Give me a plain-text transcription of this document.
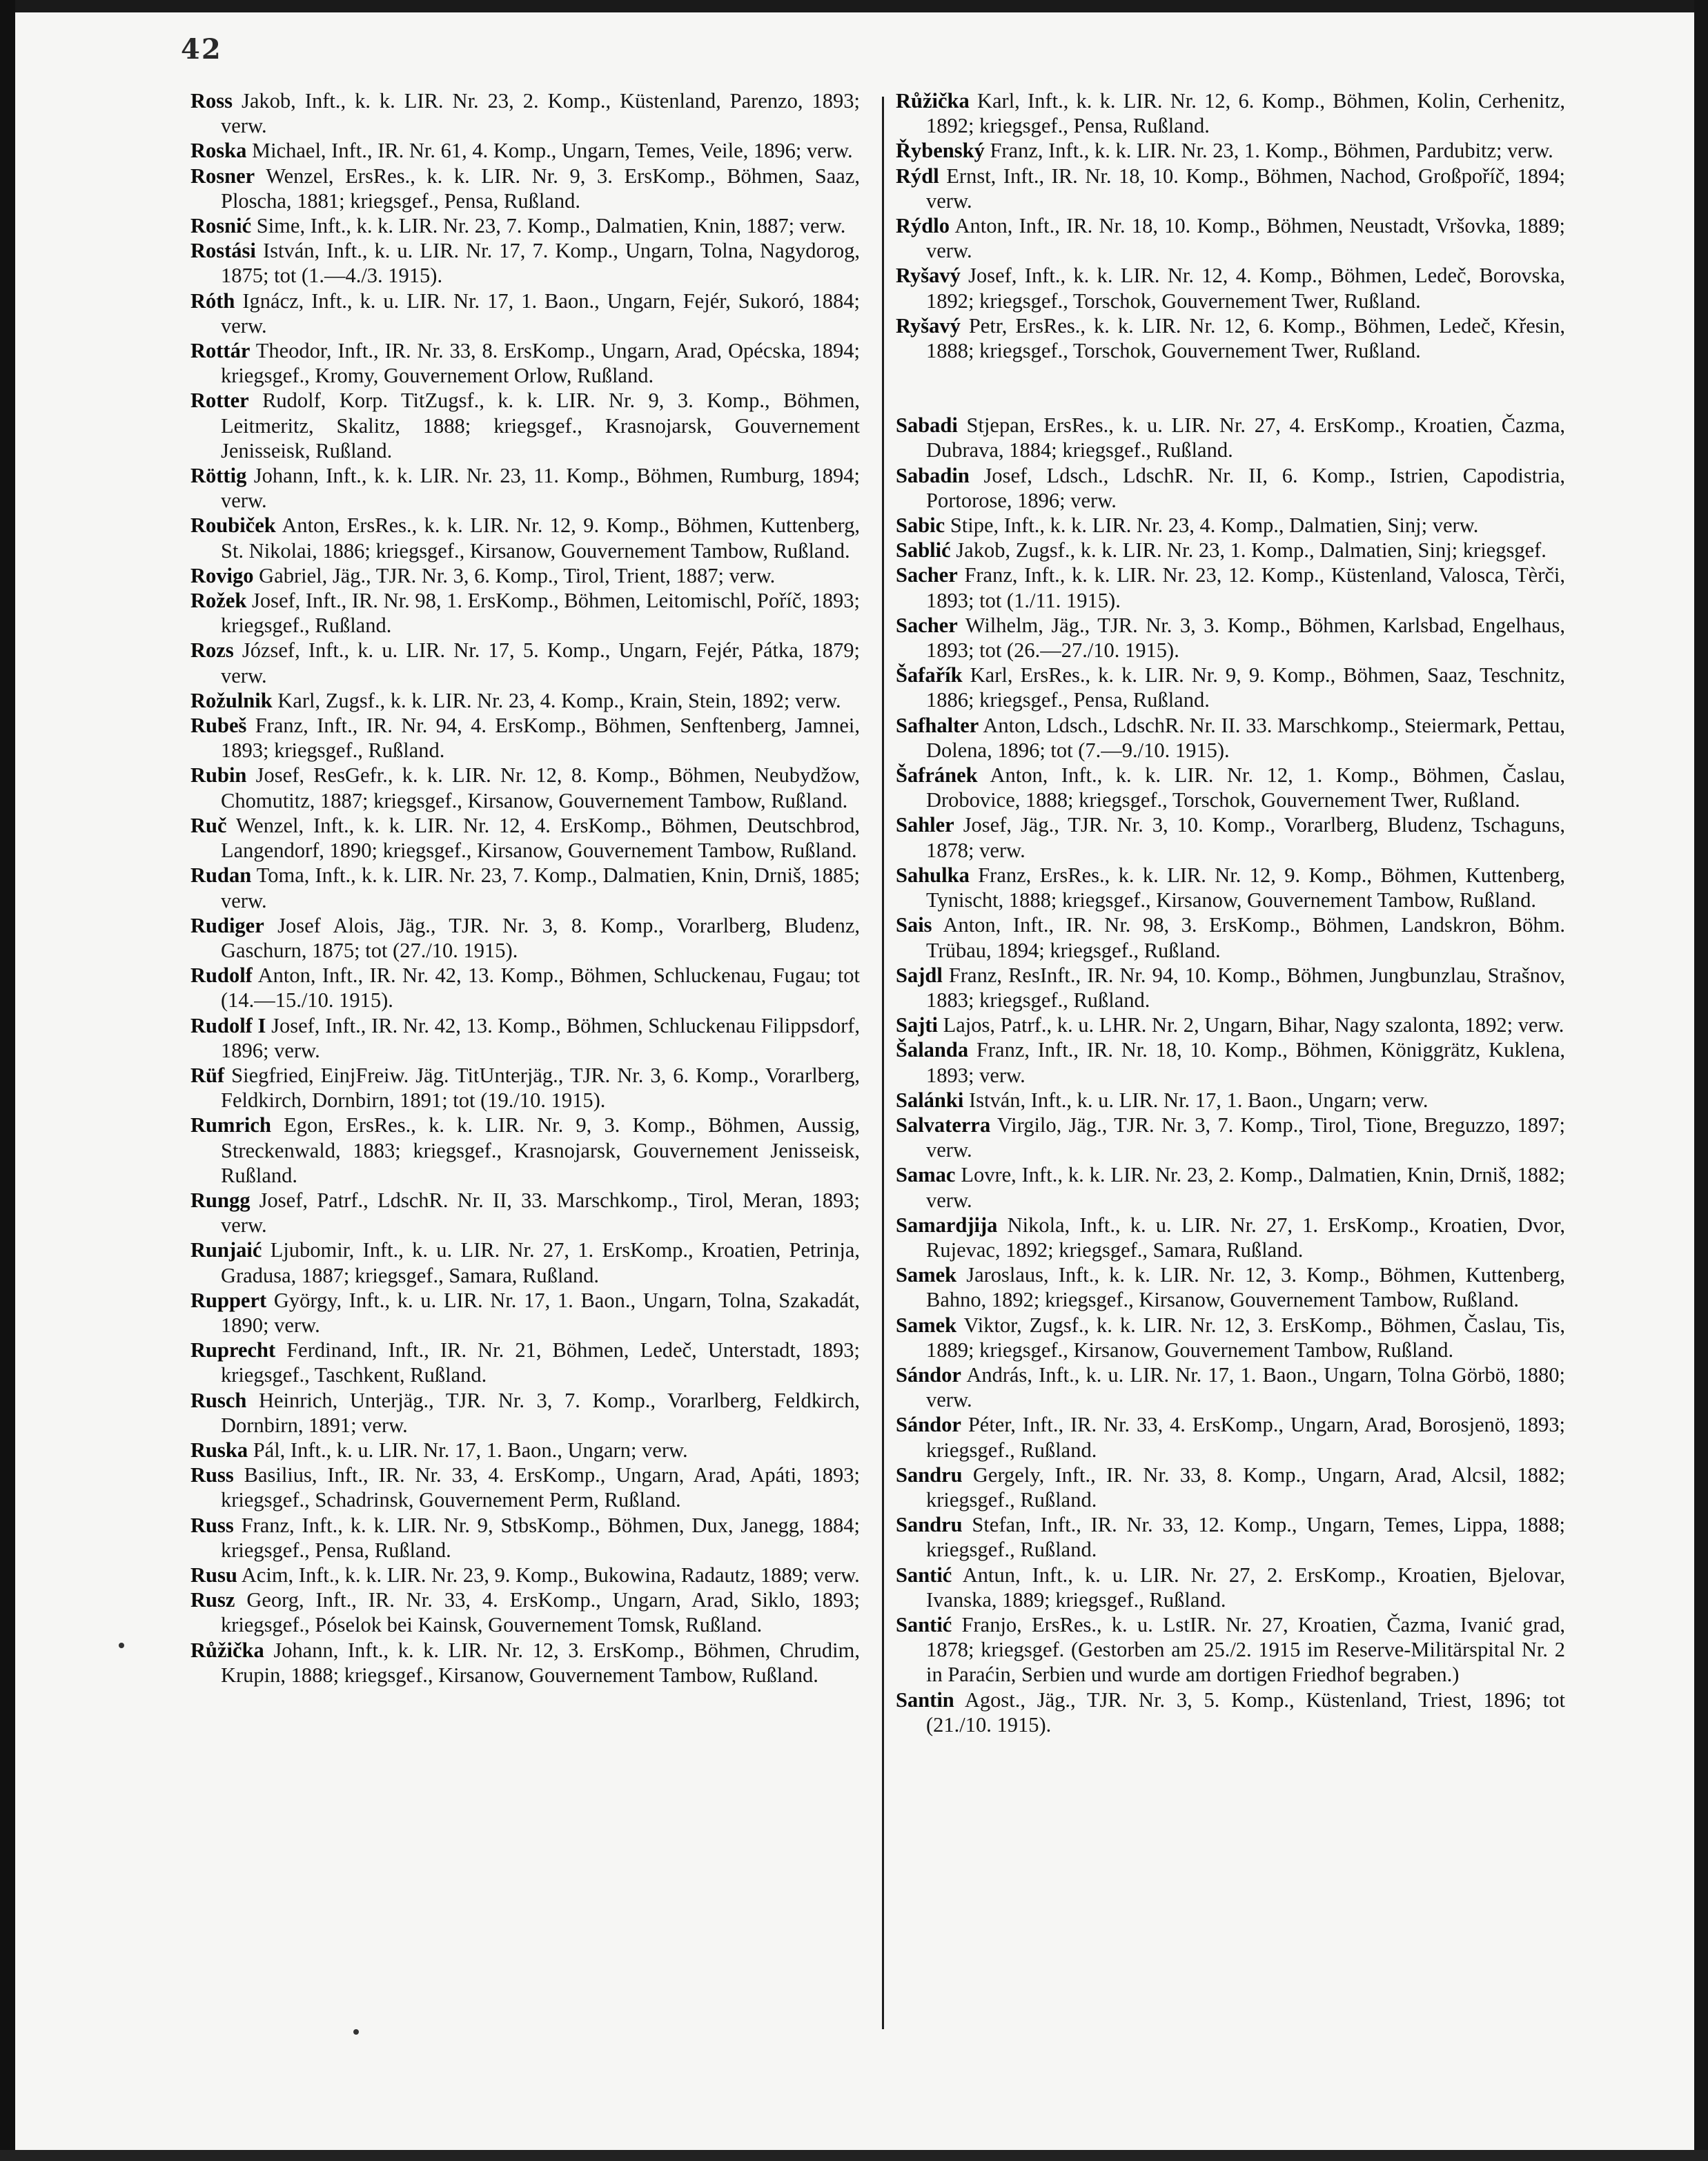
42
Ross Jakob, Inft., k. k. LIR. Nr. 23, 2. Komp., Küstenland, Parenzo, 1893; verw.
Roska Michael, Inft., IR. Nr. 61, 4. Komp., Ungarn, Temes, Veile, 1896; verw.
Rosner Wenzel, ErsRes., k. k. LIR. Nr. 9, 3. ErsKomp., Böhmen, Saaz, Ploscha, 1881; kriegsgef., Pensa, Rußland.
Rosnić Sime, Inft., k. k. LIR. Nr. 23, 7. Komp., Dalmatien, Knin, 1887; verw.
Rostási István, Inft., k. u. LIR. Nr. 17, 7. Komp., Ungarn, Tolna, Nagydorog, 1875; tot (1.—4./3. 1915).
Róth Ignácz, Inft., k. u. LIR. Nr. 17, 1. Baon., Ungarn, Fejér, Sukoró, 1884; verw.
Rottár Theodor, Inft., IR. Nr. 33, 8. ErsKomp., Ungarn, Arad, Opécska, 1894; kriegsgef., Kromy, Gouvernement Orlow, Rußland.
Rotter Rudolf, Korp. TitZugsf., k. k. LIR. Nr. 9, 3. Komp., Böhmen, Leitmeritz, Skalitz, 1888; kriegsgef., Krasnojarsk, Gouvernement Jenisseisk, Rußland.
Röttig Johann, Inft., k. k. LIR. Nr. 23, 11. Komp., Böhmen, Rumburg, 1894; verw.
Roubiček Anton, ErsRes., k. k. LIR. Nr. 12, 9. Komp., Böhmen, Kuttenberg, St. Nikolai, 1886; kriegsgef., Kirsanow, Gouvernement Tambow, Rußland.
Rovigo Gabriel, Jäg., TJR. Nr. 3, 6. Komp., Tirol, Trient, 1887; verw.
Rožek Josef, Inft., IR. Nr. 98, 1. ErsKomp., Böhmen, Leitomischl, Poříč, 1893; kriegsgef., Rußland.
Rozs József, Inft., k. u. LIR. Nr. 17, 5. Komp., Ungarn, Fejér, Pátka, 1879; verw.
Rožulnik Karl, Zugsf., k. k. LIR. Nr. 23, 4. Komp., Krain, Stein, 1892; verw.
Rubeš Franz, Inft., IR. Nr. 94, 4. ErsKomp., Böhmen, Senftenberg, Jamnei, 1893; kriegsgef., Rußland.
Rubin Josef, ResGefr., k. k. LIR. Nr. 12, 8. Komp., Böhmen, Neubydžow, Chomutitz, 1887; kriegsgef., Kirsanow, Gouvernement Tambow, Rußland.
Ruč Wenzel, Inft., k. k. LIR. Nr. 12, 4. ErsKomp., Böhmen, Deutschbrod, Langendorf, 1890; kriegsgef., Kirsanow, Gouvernement Tambow, Rußland.
Rudan Toma, Inft., k. k. LIR. Nr. 23, 7. Komp., Dalmatien, Knin, Drniš, 1885; verw.
Rudiger Josef Alois, Jäg., TJR. Nr. 3, 8. Komp., Vorarlberg, Bludenz, Gaschurn, 1875; tot (27./10. 1915).
Rudolf Anton, Inft., IR. Nr. 42, 13. Komp., Böhmen, Schluckenau, Fugau; tot (14.—15./10. 1915).
Rudolf I Josef, Inft., IR. Nr. 42, 13. Komp., Böhmen, Schluckenau Filippsdorf, 1896; verw.
Rüf Siegfried, EinjFreiw. Jäg. TitUnterjäg., TJR. Nr. 3, 6. Komp., Vorarlberg, Feldkirch, Dornbirn, 1891; tot (19./10. 1915).
Rumrich Egon, ErsRes., k. k. LIR. Nr. 9, 3. Komp., Böhmen, Aussig, Streckenwald, 1883; kriegsgef., Krasnojarsk, Gouvernement Jenisseisk, Rußland.
Rungg Josef, Patrf., LdschR. Nr. II, 33. Marschkomp., Tirol, Meran, 1893; verw.
Runjaić Ljubomir, Inft., k. u. LIR. Nr. 27, 1. ErsKomp., Kroatien, Petrinja, Gradusa, 1887; kriegsgef., Samara, Rußland.
Ruppert György, Inft., k. u. LIR. Nr. 17, 1. Baon., Ungarn, Tolna, Szakadát, 1890; verw.
Ruprecht Ferdinand, Inft., IR. Nr. 21, Böhmen, Ledeč, Unterstadt, 1893; kriegsgef., Taschkent, Rußland.
Rusch Heinrich, Unterjäg., TJR. Nr. 3, 7. Komp., Vorarlberg, Feldkirch, Dornbirn, 1891; verw.
Ruska Pál, Inft., k. u. LIR. Nr. 17, 1. Baon., Ungarn; verw.
Russ Basilius, Inft., IR. Nr. 33, 4. ErsKomp., Ungarn, Arad, Apáti, 1893; kriegsgef., Schadrinsk, Gouvernement Perm, Rußland.
Russ Franz, Inft., k. k. LIR. Nr. 9, StbsKomp., Böhmen, Dux, Janegg, 1884; kriegsgef., Pensa, Rußland.
Rusu Acim, Inft., k. k. LIR. Nr. 23, 9. Komp., Bukowina, Radautz, 1889; verw.
Rusz Georg, Inft., IR. Nr. 33, 4. ErsKomp., Ungarn, Arad, Siklo, 1893; kriegsgef., Póselok bei Kainsk, Gouvernement Tomsk, Rußland.
Růžička Johann, Inft., k. k. LIR. Nr. 12, 3. ErsKomp., Böhmen, Chrudim, Krupin, 1888; kriegsgef., Kirsanow, Gouvernement Tambow, Rußland.
Růžička Karl, Inft., k. k. LIR. Nr. 12, 6. Komp., Böhmen, Kolin, Cerhenitz, 1892; kriegsgef., Pensa, Rußland.
Řybenský Franz, Inft., k. k. LIR. Nr. 23, 1. Komp., Böhmen, Pardubitz; verw.
Rýdl Ernst, Inft., IR. Nr. 18, 10. Komp., Böhmen, Nachod, Großpoříč, 1894; verw.
Rýdlo Anton, Inft., IR. Nr. 18, 10. Komp., Böhmen, Neustadt, Vršovka, 1889; verw.
Ryšavý Josef, Inft., k. k. LIR. Nr. 12, 4. Komp., Böhmen, Ledeč, Borovska, 1892; kriegsgef., Torschok, Gouvernement Twer, Rußland.
Ryšavý Petr, ErsRes., k. k. LIR. Nr. 12, 6. Komp., Böhmen, Ledeč, Křesin, 1888; kriegsgef., Torschok, Gouvernement Twer, Rußland.
Sabadi Stjepan, ErsRes., k. u. LIR. Nr. 27, 4. ErsKomp., Kroatien, Čazma, Dubrava, 1884; kriegsgef., Rußland.
Sabadin Josef, Ldsch., LdschR. Nr. II, 6. Komp., Istrien, Capodistria, Portorose, 1896; verw.
Sabic Stipe, Inft., k. k. LIR. Nr. 23, 4. Komp., Dalmatien, Sinj; verw.
Sablić Jakob, Zugsf., k. k. LIR. Nr. 23, 1. Komp., Dalmatien, Sinj; kriegsgef.
Sacher Franz, Inft., k. k. LIR. Nr. 23, 12. Komp., Küstenland, Valosca, Tèrči, 1893; tot (1./11. 1915).
Sacher Wilhelm, Jäg., TJR. Nr. 3, 3. Komp., Böhmen, Karlsbad, Engelhaus, 1893; tot (26.—27./10. 1915).
Šafařík Karl, ErsRes., k. k. LIR. Nr. 9, 9. Komp., Böhmen, Saaz, Teschnitz, 1886; kriegsgef., Pensa, Rußland.
Safhalter Anton, Ldsch., LdschR. Nr. II. 33. Marschkomp., Steiermark, Pettau, Dolena, 1896; tot (7.—9./10. 1915).
Šafránek Anton, Inft., k. k. LIR. Nr. 12, 1. Komp., Böhmen, Časlau, Drobovice, 1888; kriegsgef., Torschok, Gouvernement Twer, Rußland.
Sahler Josef, Jäg., TJR. Nr. 3, 10. Komp., Vorarlberg, Bludenz, Tschaguns, 1878; verw.
Sahulka Franz, ErsRes., k. k. LIR. Nr. 12, 9. Komp., Böhmen, Kuttenberg, Tynischt, 1888; kriegsgef., Kirsanow, Gouvernement Tambow, Rußland.
Sais Anton, Inft., IR. Nr. 98, 3. ErsKomp., Böhmen, Landskron, Böhm. Trübau, 1894; kriegsgef., Rußland.
Sajdl Franz, ResInft., IR. Nr. 94, 10. Komp., Böhmen, Jungbunzlau, Strašnov, 1883; kriegsgef., Rußland.
Sajti Lajos, Patrf., k. u. LHR. Nr. 2, Ungarn, Bihar, Nagy szalonta, 1892; verw.
Šalanda Franz, Inft., IR. Nr. 18, 10. Komp., Böhmen, Königgrätz, Kuklena, 1893; verw.
Salánki István, Inft., k. u. LIR. Nr. 17, 1. Baon., Ungarn; verw.
Salvaterra Virgilo, Jäg., TJR. Nr. 3, 7. Komp., Tirol, Tione, Breguzzo, 1897; verw.
Samac Lovre, Inft., k. k. LIR. Nr. 23, 2. Komp., Dalmatien, Knin, Drniš, 1882; verw.
Samardjija Nikola, Inft., k. u. LIR. Nr. 27, 1. ErsKomp., Kroatien, Dvor, Rujevac, 1892; kriegsgef., Samara, Rußland.
Samek Jaroslaus, Inft., k. k. LIR. Nr. 12, 3. Komp., Böhmen, Kuttenberg, Bahno, 1892; kriegsgef., Kirsanow, Gouvernement Tambow, Rußland.
Samek Viktor, Zugsf., k. k. LIR. Nr. 12, 3. ErsKomp., Böhmen, Časlau, Tis, 1889; kriegsgef., Kirsanow, Gouvernement Tambow, Rußland.
Sándor András, Inft., k. u. LIR. Nr. 17, 1. Baon., Ungarn, Tolna Görbö, 1880; verw.
Sándor Péter, Inft., IR. Nr. 33, 4. ErsKomp., Ungarn, Arad, Borosjenö, 1893; kriegsgef., Rußland.
Sandru Gergely, Inft., IR. Nr. 33, 8. Komp., Ungarn, Arad, Alcsil, 1882; kriegsgef., Rußland.
Sandru Stefan, Inft., IR. Nr. 33, 12. Komp., Ungarn, Temes, Lippa, 1888; kriegsgef., Rußland.
Santić Antun, Inft., k. u. LIR. Nr. 27, 2. ErsKomp., Kroatien, Bjelovar, Ivanska, 1889; kriegsgef., Rußland.
Santić Franjo, ErsRes., k. u. LstIR. Nr. 27, Kroatien, Čazma, Ivanić grad, 1878; kriegsgef. (Gestorben am 25./2. 1915 im Reserve-Militärspital Nr. 2 in Paraćin, Serbien und wurde am dortigen Friedhof begraben.)
Santin Agost., Jäg., TJR. Nr. 3, 5. Komp., Küstenland, Triest, 1896; tot (21./10. 1915).
